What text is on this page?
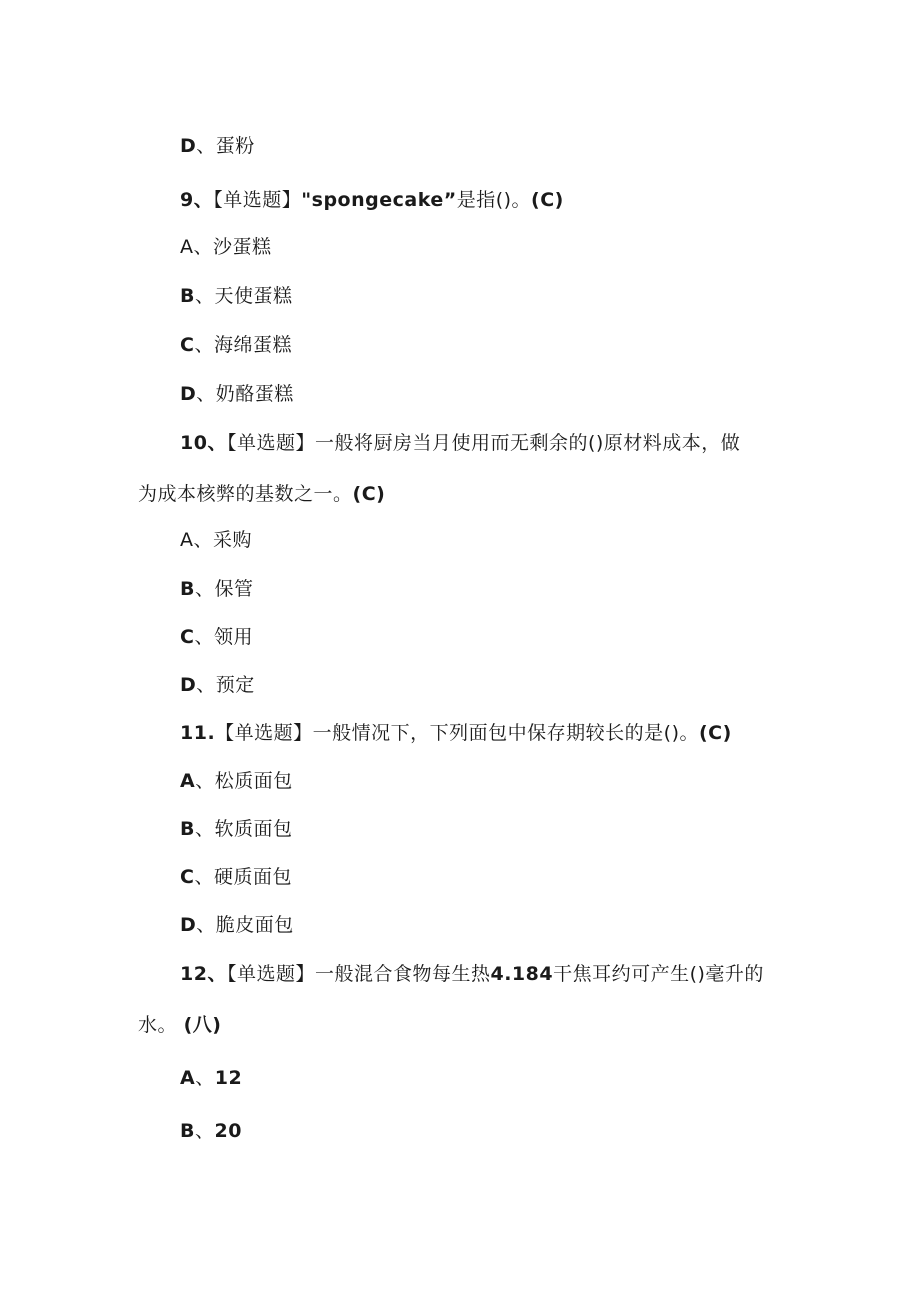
D、蛋粉
9、【单选题】"spongecake”是指()。(C)
A、沙蛋糕
B、天使蛋糕
C、海绵蛋糕
D、奶酪蛋糕
10、【单选题】一般将厨房当月使用而无剩余的()原材料成本，做
为成本核弊的基数之一。(C)
A、采购
B、保管
C、领用
D、预定
11.【单选题】一般情况下，下列面包中保存期较长的是()。(C)
A、松质面包
B、软质面包
C、硬质面包
D、脆皮面包
12、【单选题】一般混合食物每生热4.184干焦耳约可产生()毫升的
水。 (八)
A、12
B、20
